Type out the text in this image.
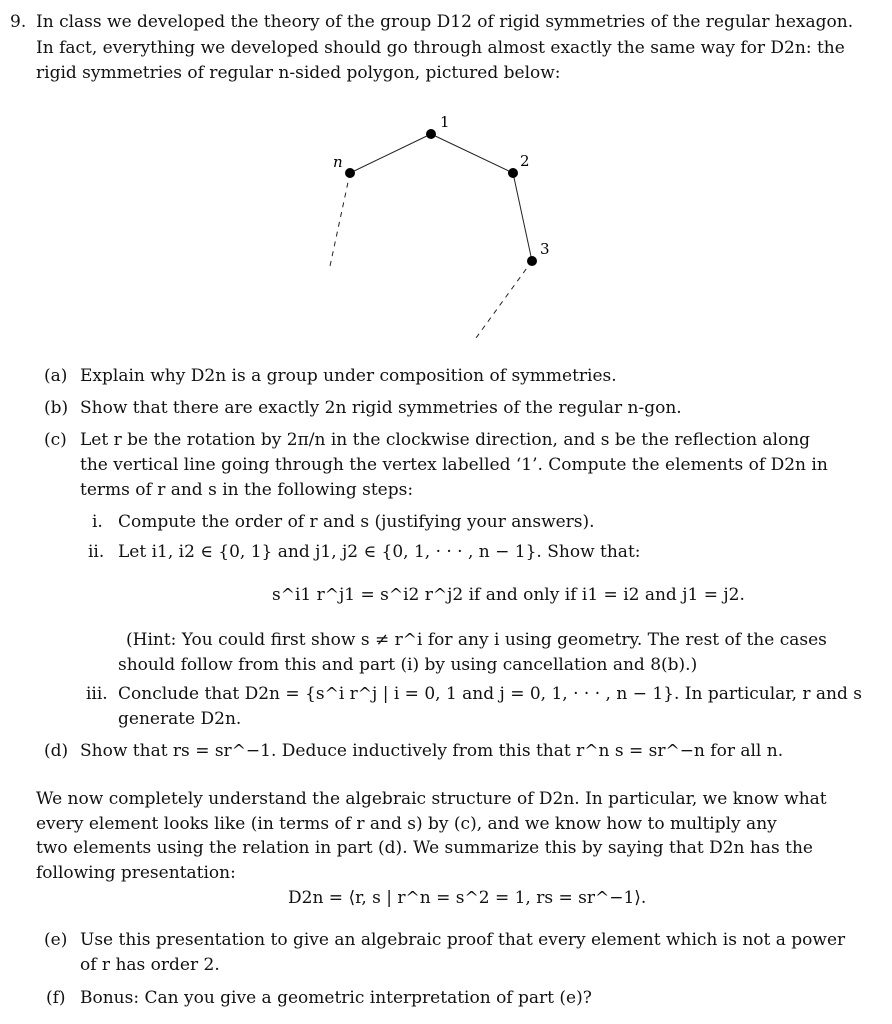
9. In class we developed the theory of the group D12 of rigid symmetries of the regular hexagon.
In fact, everything we developed should go through almost exactly the same way for D2n: the
rigid symmetries of regular n-sided polygon, pictured below:
1
2
3
n
(a) Explain why D2n is a group under composition of symmetries.
(b) Show that there are exactly 2n rigid symmetries of the regular n-gon.
(c) Let r be the rotation by 2π/n in the clockwise direction, and s be the reflection along
the vertical line going through the vertex labelled ‘1’. Compute the elements of D2n in
terms of r and s in the following steps:
i. Compute the order of r and s (justifying your answers).
ii. Let i1, i2 ∈ {0, 1} and j1, j2 ∈ {0, 1, · · · , n − 1}. Show that:
s^i1 r^j1 = s^i2 r^j2 if and only if i1 = i2 and j1 = j2.
(Hint: You could first show s ≠ r^i for any i using geometry. The rest of the cases
should follow from this and part (i) by using cancellation and 8(b).)
iii. Conclude that D2n = {s^i r^j | i = 0, 1 and j = 0, 1, · · · , n − 1}. In particular, r and s
generate D2n.
(d) Show that rs = sr^−1. Deduce inductively from this that r^n s = sr^−n for all n.
We now completely understand the algebraic structure of D2n. In particular, we know what
every element looks like (in terms of r and s) by (c), and we know how to multiply any
two elements using the relation in part (d). We summarize this by saying that D2n has the
following presentation:
D2n = ⟨r, s | r^n = s^2 = 1, rs = sr^−1⟩.
(e) Use this presentation to give an algebraic proof that every element which is not a power
of r has order 2.
(f) Bonus: Can you give a geometric interpretation of part (e)?
